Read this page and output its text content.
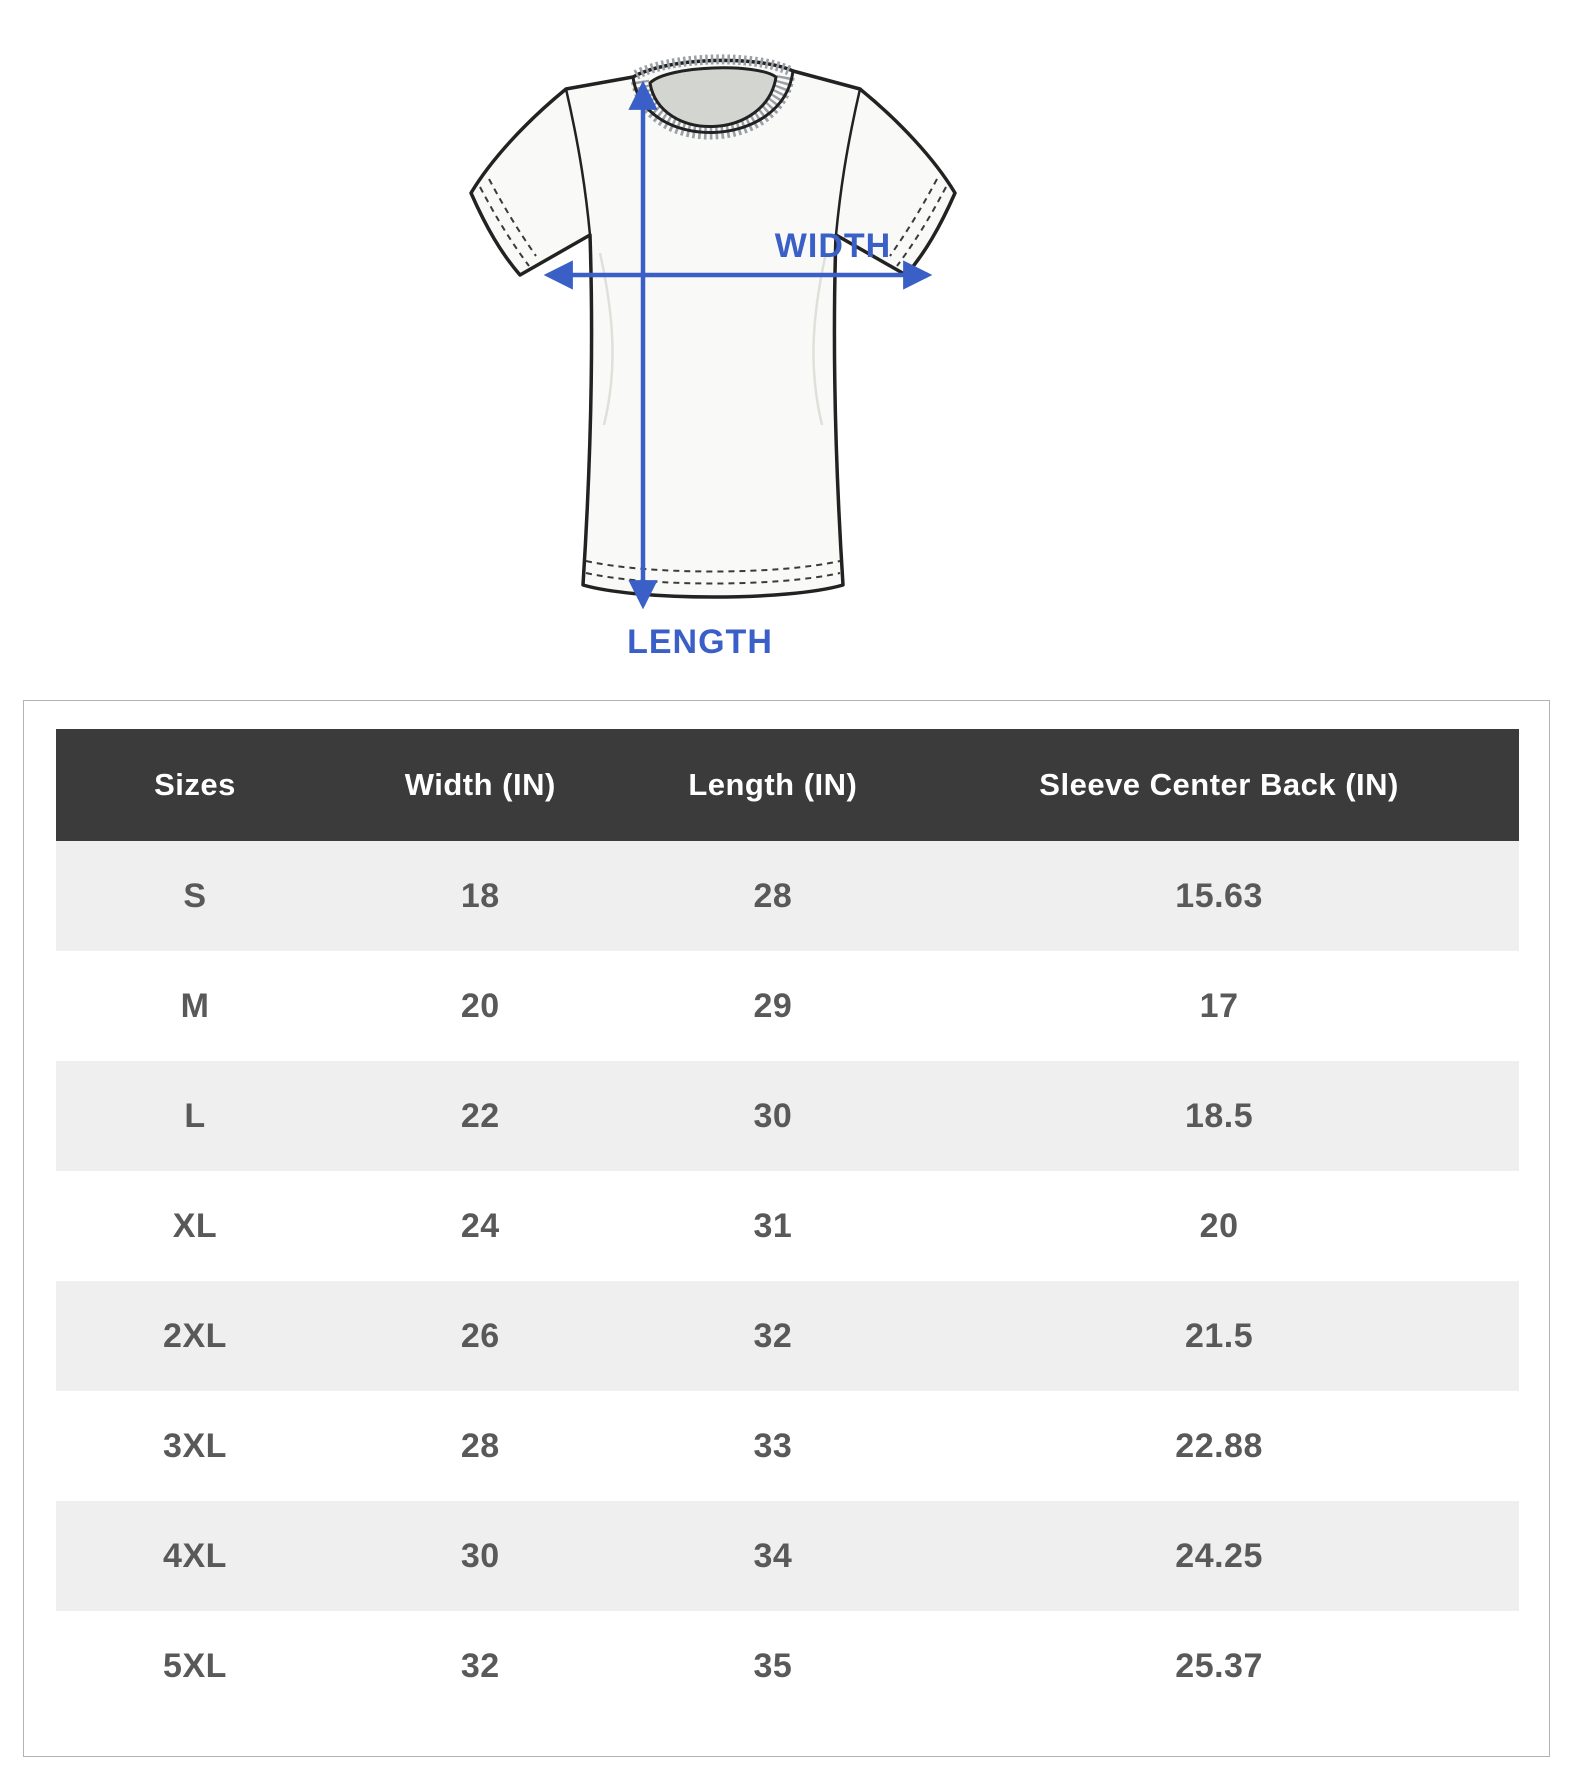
WIDTH
LENGTH
Sizes	Width (IN)	Length (IN)	Sleeve Center Back (IN)
S	18	28	15.63
M	20	29	17
L	22	30	18.5
XL	24	31	20
2XL	26	32	21.5
3XL	28	33	22.88
4XL	30	34	24.25
5XL	32	35	25.37
